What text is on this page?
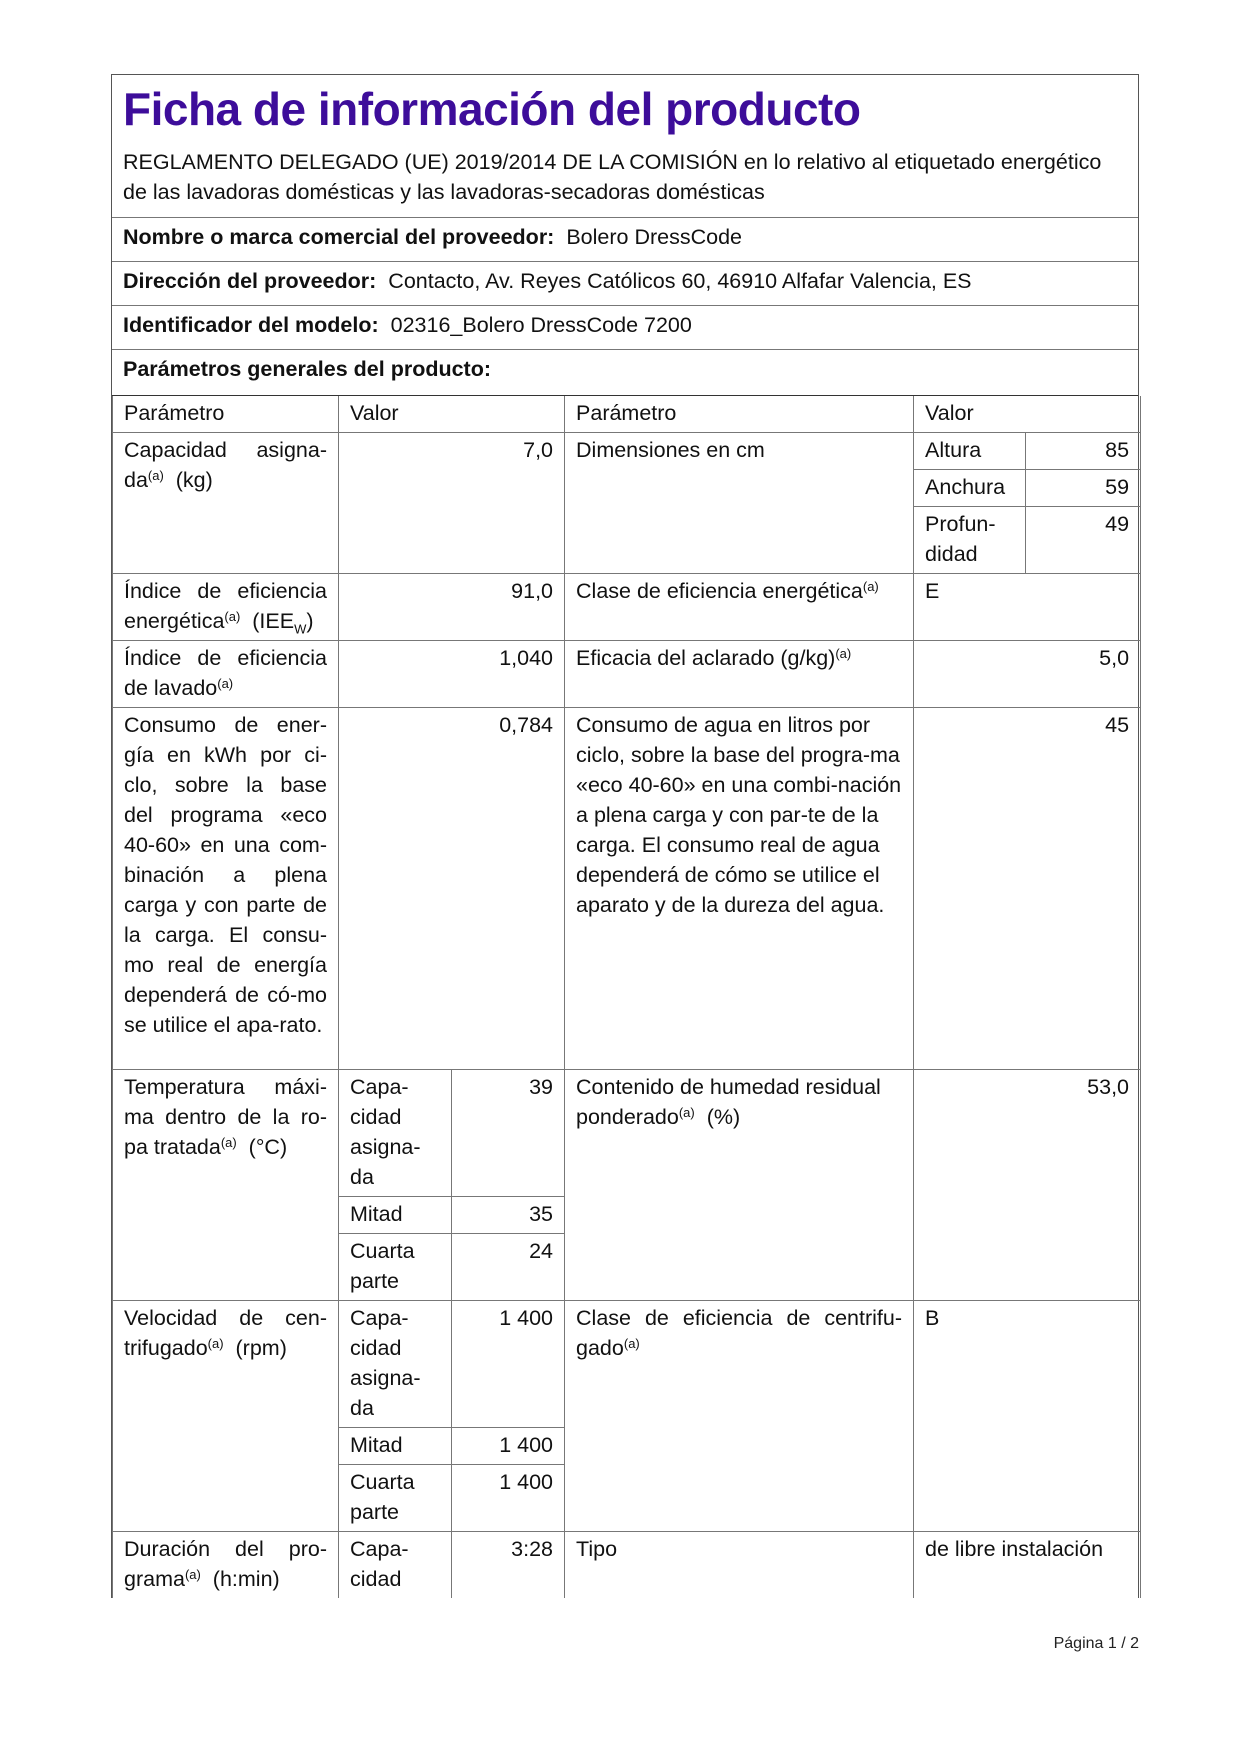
Ficha de información del producto
REGLAMENTO DELEGADO (UE) 2019/2014 DE LA COMISIÓN en lo relativo al etiquetado energético de las lavadoras domésticas y las lavadoras-secadoras domésticas
Nombre o marca comercial del proveedor: Bolero DressCode
Dirección del proveedor: Contacto, Av. Reyes Católicos 60, 46910 Alfafar Valencia, ES
Identificador del modelo: 02316_Bolero DressCode 7200
Parámetros generales del producto:
Parámetro	Valor		Parámetro	Valor	
Capacidad asigna-$da^{(a)}$ (kg)	7,0		Dimensiones en cm	Altura	85
				Anchura	59
				Profun-didad	49
Índice de eficiencia energética$^{(a)}$ $(IEE_W)$	91,0		Clase de eficiencia energética$^{(a)}$	E	
Índice de eficiencia de lavado$^{(a)}$	1,040		Eficacia del aclarado $(g/kg)^{(a)}$	5,0	
Consumo de ener-gía en kWh por ci-clo, sobre la base del programa «eco 40-60» en una com-binación a plena carga y con parte de la carga. El consu-mo real de energía dependerá de có-mo se utilice el apa-rato.	0,784	Consumo de agua en litros por ciclo, sobre la base del progra-ma «eco 40-60» en una combi-nación a plena carga y con par-te de la carga. El consumo real de agua dependerá de cómo se utilice el aparato y de la dureza del agua.	45
Temperatura máxi-ma dentro de la ro-pa tratada$^{(a)}$ (°C)	Capa-cidad asigna-da	39	Contenido de humedad residual ponderado$^{(a)}$ (%)	53,0	
	Mitad	35			
	Cuarta parte	24			
Velocidad de cen-trifugado$^{(a)}$ (rpm)	Capa-cidad asigna-da	1 400	Clase de eficiencia de centrifu-gado$^{(a)}$	B	
	Mitad	1 400			
	Cuarta parte	1 400			
Duración del pro-grama$^{(a)}$ (h:min)	Capa-cidad	3:28	Tipo	de libre instalación	
Página 1 / 2
